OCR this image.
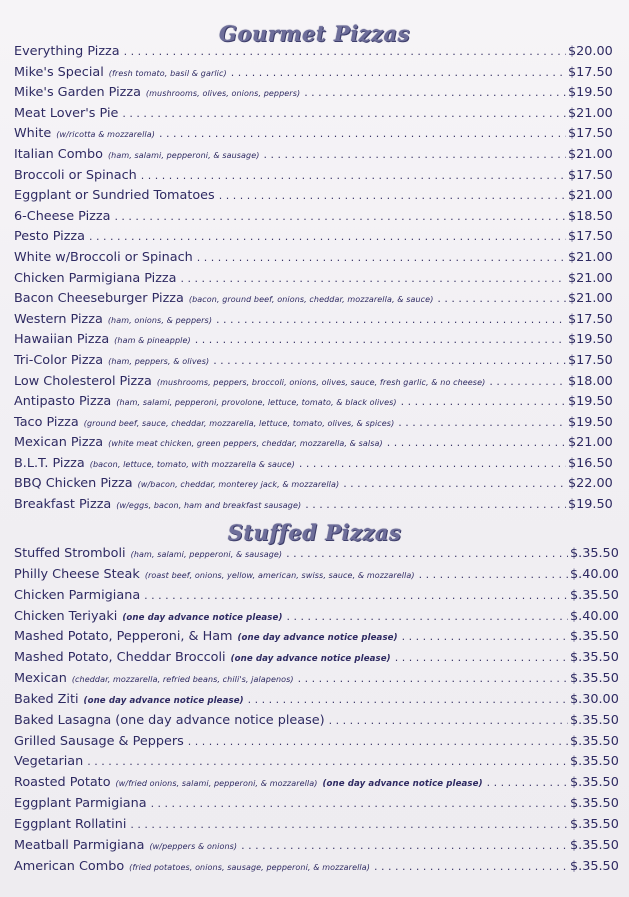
Gourmet Pizzas
Everything Pizza . . .	$20.00
Mike's Special (fresh tomato, basil & garlic) . . .	$17.50
Mike's Garden Pizza (mushrooms, olives, onions, peppers) . . .	$19.50
Meat Lover's Pie . . .	$21.00
White (w/ricotta & mozzarella) . . .	$17.50
Italian Combo (ham, salami, pepperoni, & sausage) . . .	$21.00
Broccoli or Spinach . . .	$17.50
Eggplant or Sundried Tomatoes . . .	$21.00
6-Cheese Pizza . . .	$18.50
Pesto Pizza . . .	$17.50
White w/Broccoli or Spinach . . .	$21.00
Chicken Parmigiana Pizza . . .	$21.00
Bacon Cheeseburger Pizza (bacon, ground beef, onions, cheddar, mozzarella, & sauce) . . .	$21.00
Western Pizza (ham, onions, & peppers) . . .	$17.50
Hawaiian Pizza (ham & pineapple) . . .	$19.50
Tri-Color Pizza (ham, peppers, & olives) . . .	$17.50
Low Cholesterol Pizza (mushrooms, peppers, broccoli, onions, olives, sauce, fresh garlic, & no cheese) . . .	$18.00
Antipasto Pizza (ham, salami, pepperoni, provolone, lettuce, tomato, & black olives) . . .	$19.50
Taco Pizza (ground beef, sauce, cheddar, mozzarella, lettuce, tomato, olives, & spices) . . .	$19.50
Mexican Pizza (white meat chicken, green peppers, cheddar, mozzarella, & salsa) . . .	$21.00
B.L.T. Pizza (bacon, lettuce, tomato, with mozzarella & sauce) . . .	$16.50
BBQ Chicken Pizza (w/bacon, cheddar, monterey jack, & mozzarella) . . .	$22.00
Breakfast Pizza (w/eggs, bacon, ham and breakfast sausage) . . .	$19.50
Stuffed Pizzas
Stuffed Stromboli (ham, salami, pepperoni, & sausage) . . .	$.35.50
Philly Cheese Steak (roast beef, onions, yellow, american, swiss, sauce, & mozzarella) . . .	$.40.00
Chicken Parmigiana . . .	$.35.50
Chicken Teriyaki (one day advance notice please) . . .	$.40.00
Mashed Potato, Pepperoni, & Ham (one day advance notice please) . . .	$.35.50
Mashed Potato, Cheddar Broccoli (one day advance notice please) . . .	$.35.50
Mexican (cheddar, mozzarella, refried beans, chili's, jalapenos) . . .	$.35.50
Baked Ziti (one day advance notice please) . . .	$.30.00
Baked Lasagna (one day advance notice please) . . .	$.35.50
Grilled Sausage & Peppers . . .	$.35.50
Vegetarian . . .	$.35.50
Roasted Potato (w/fried onions, salami, pepperoni, & mozzarella) (one day advance notice please) . . .	$.35.50
Eggplant Parmigiana . . .	$.35.50
Eggplant Rollatini . . .	$.35.50
Meatball Parmigiana (w/peppers & onions) . . .	$.35.50
American Combo (fried potatoes, onions, sausage, pepperoni, & mozzarella) . . .	$.35.50
